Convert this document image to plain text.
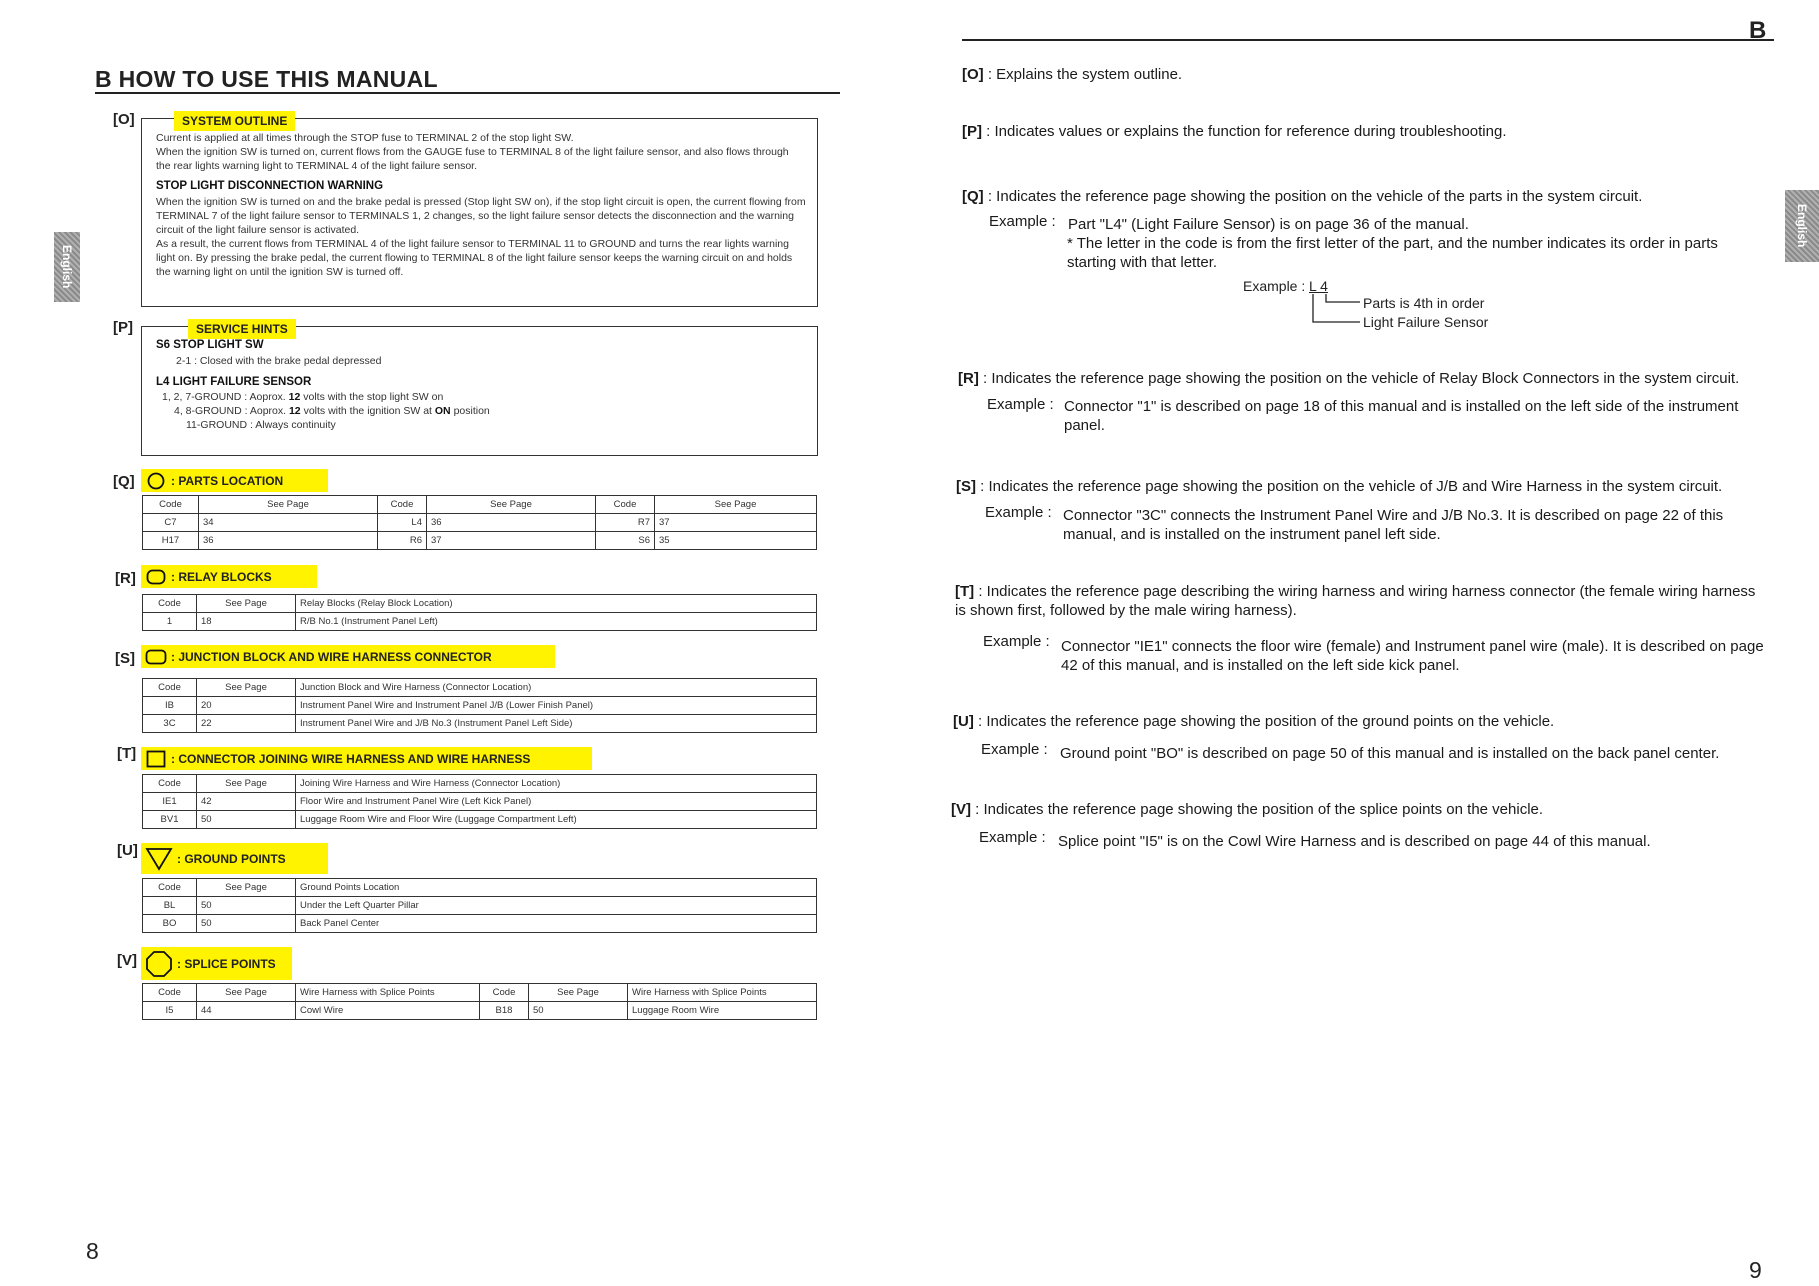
B HOW TO USE THIS MANUAL
English
[O]
Current is applied at all times through the STOP fuse to TERMINAL 2 of the stop light SW.
When the ignition SW is turned on, current flows from the GAUGE fuse to TERMINAL 8 of the light failure sensor, and also flows through the rear lights warning light to TERMINAL 4 of the light failure sensor.
STOP LIGHT DISCONNECTION WARNING
When the ignition SW is turned on and the brake pedal is pressed (Stop light SW on), if the stop light circuit is open, the current flowing from TERMINAL 7 of the light failure sensor to TERMINALS 1, 2 changes, so the light failure sensor detects the disconnection and the warning circuit of the light failure sensor is activated.
As a result, the current flows from TERMINAL 4 of the light failure sensor to TERMINAL 11 to GROUND and turns the rear lights warning light on. By pressing the brake pedal, the current flowing to TERMINAL 8 of the light failure sensor keeps the warning circuit on and holds the warning light on until the ignition SW is turned off.
SYSTEM OUTLINE
[P]
S6 STOP LIGHT SW
2-1 : Closed with the brake pedal depressed
L4 LIGHT FAILURE SENSOR
1, 2, 7-GROUND : Aoprox. 12 volts with the stop light SW on
4, 8-GROUND : Aoprox. 12 volts with the ignition SW at ON position
11-GROUND : Always continuity
SERVICE HINTS
[Q]	: PARTS LOCATION
Code	See Page	Code	See Page	Code	See Page
C7	34	L4	36	R7	37
H17	36	R6	37	S6	35
[R]	: RELAY BLOCKS
Code	See Page	Relay Blocks (Relay Block Location)
1	18	R/B No.1 (Instrument Panel Left)
[S]	: JUNCTION BLOCK AND WIRE HARNESS CONNECTOR
Code	See Page	Junction Block and Wire Harness (Connector Location)
IB	20	Instrument Panel Wire and Instrument Panel J/B (Lower Finish Panel)
3C	22	Instrument Panel Wire and J/B No.3 (Instrument Panel Left Side)
[T]	: CONNECTOR JOINING WIRE HARNESS AND WIRE HARNESS
Code	See Page	Joining Wire Harness and Wire Harness (Connector Location)
IE1	42	Floor Wire and Instrument Panel Wire (Left Kick Panel)
BV1	50	Luggage Room Wire and Floor Wire (Luggage Compartment Left)
[U]	: GROUND POINTS
Code	See Page	Ground Points Location
BL	50	Under the Left Quarter Pillar
BO	50	Back Panel Center
[V]	: SPLICE POINTS
Code	See Page	Wire Harness with Splice Points	Code	See Page	Wire Harness with Splice Points
I5	44	Cowl Wire	B18	50	Luggage Room Wire
8
B
English
[O] : Explains the system outline.
[P] : Indicates values or explains the function for reference during troubleshooting.
[Q] : Indicates the reference page showing the position on the vehicle of the parts in the system circuit.
Example : Part "L4" (Light Failure Sensor) is on page 36 of the manual.
* The letter in the code is from the first letter of the part, and the number indicates its order in parts starting with that letter.
Example : L 4
Parts is 4th in order
Light Failure Sensor
[R] : Indicates the reference page showing the position on the vehicle of Relay Block Connectors in the system circuit.
Example : Connector "1" is described on page 18 of this manual and is installed on the left side of the instrument panel.
[S] : Indicates the reference page showing the position on the vehicle of J/B and Wire Harness in the system circuit.
Example : Connector "3C" connects the Instrument Panel Wire and J/B No.3. It is described on page 22 of this manual, and is installed on the instrument panel left side.
[T] : Indicates the reference page describing the wiring harness and wiring harness connector (the female wiring harness is shown first, followed by the male wiring harness).
Example : Connector "IE1" connects the floor wire (female) and Instrument panel wire (male). It is described on page 42 of this manual, and is installed on the left side kick panel.
[U] : Indicates the reference page showing the position of the ground points on the vehicle.
Example : Ground point "BO" is described on page 50 of this manual and is installed on the back panel center.
[V] : Indicates the reference page showing the position of the splice points on the vehicle.
Example : Splice point "I5" is on the Cowl Wire Harness and is described on page 44 of this manual.
9
